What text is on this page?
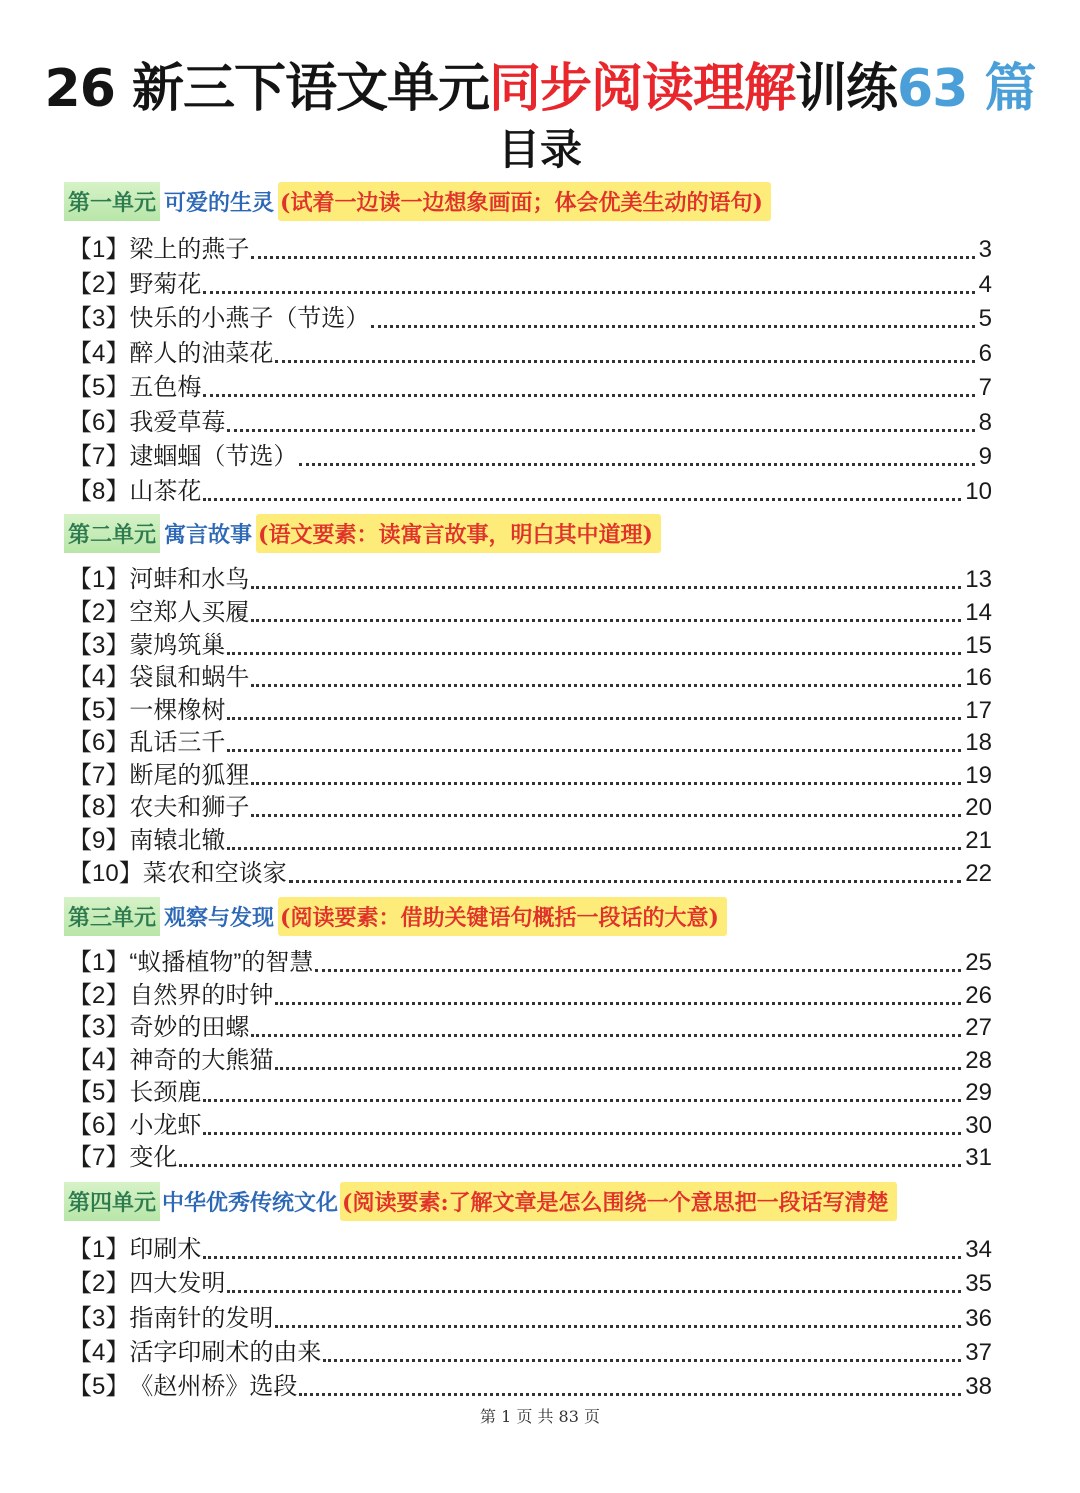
26 新三下语文单元同步阅读理解训练63 篇
目录
第一单元 可爱的生灵 (试着一边读一边想象画面；体会优美生动的语句)
【1】 梁上的燕子	3
【2】 野菊花	4
【3】 快乐的小燕子（节选）	5
【4】 醉人的油菜花	6
【5】 五色梅	7
【6】 我爱草莓	8
【7】 逮蝈蝈（节选）	9
【8】 山茶花	10
第二单元 寓言故事 (语文要素：读寓言故事，明白其中道理)
【1】 河蚌和水鸟	13
【2】 空郑人买履	14
【3】 蒙鸠筑巢	15
【4】 袋鼠和蜗牛	16
【5】 一棵橡树	17
【6】 乱话三千	18
【7】 断尾的狐狸	19
【8】 农夫和狮子	20
【9】 南辕北辙	21
【10】 菜农和空谈家	22
第三单元 观察与发现 (阅读要素：借助关键语句概括一段话的大意)
【1】 “蚁播植物”的智慧	25
【2】 自然界的时钟	26
【3】 奇妙的田螺	27
【4】 神奇的大熊猫	28
【5】 长颈鹿	29
【6】 小龙虾	30
【7】 变化	31
第四单元 中华优秀传统文化 (阅读要素:了解文章是怎么围绕一个意思把一段话写清楚
【1】 印刷术	34
【2】 四大发明	35
【3】 指南针的发明	36
【4】 活字印刷术的由来	37
【5】 《赵州桥》选段	38
第 1 页 共 83 页
